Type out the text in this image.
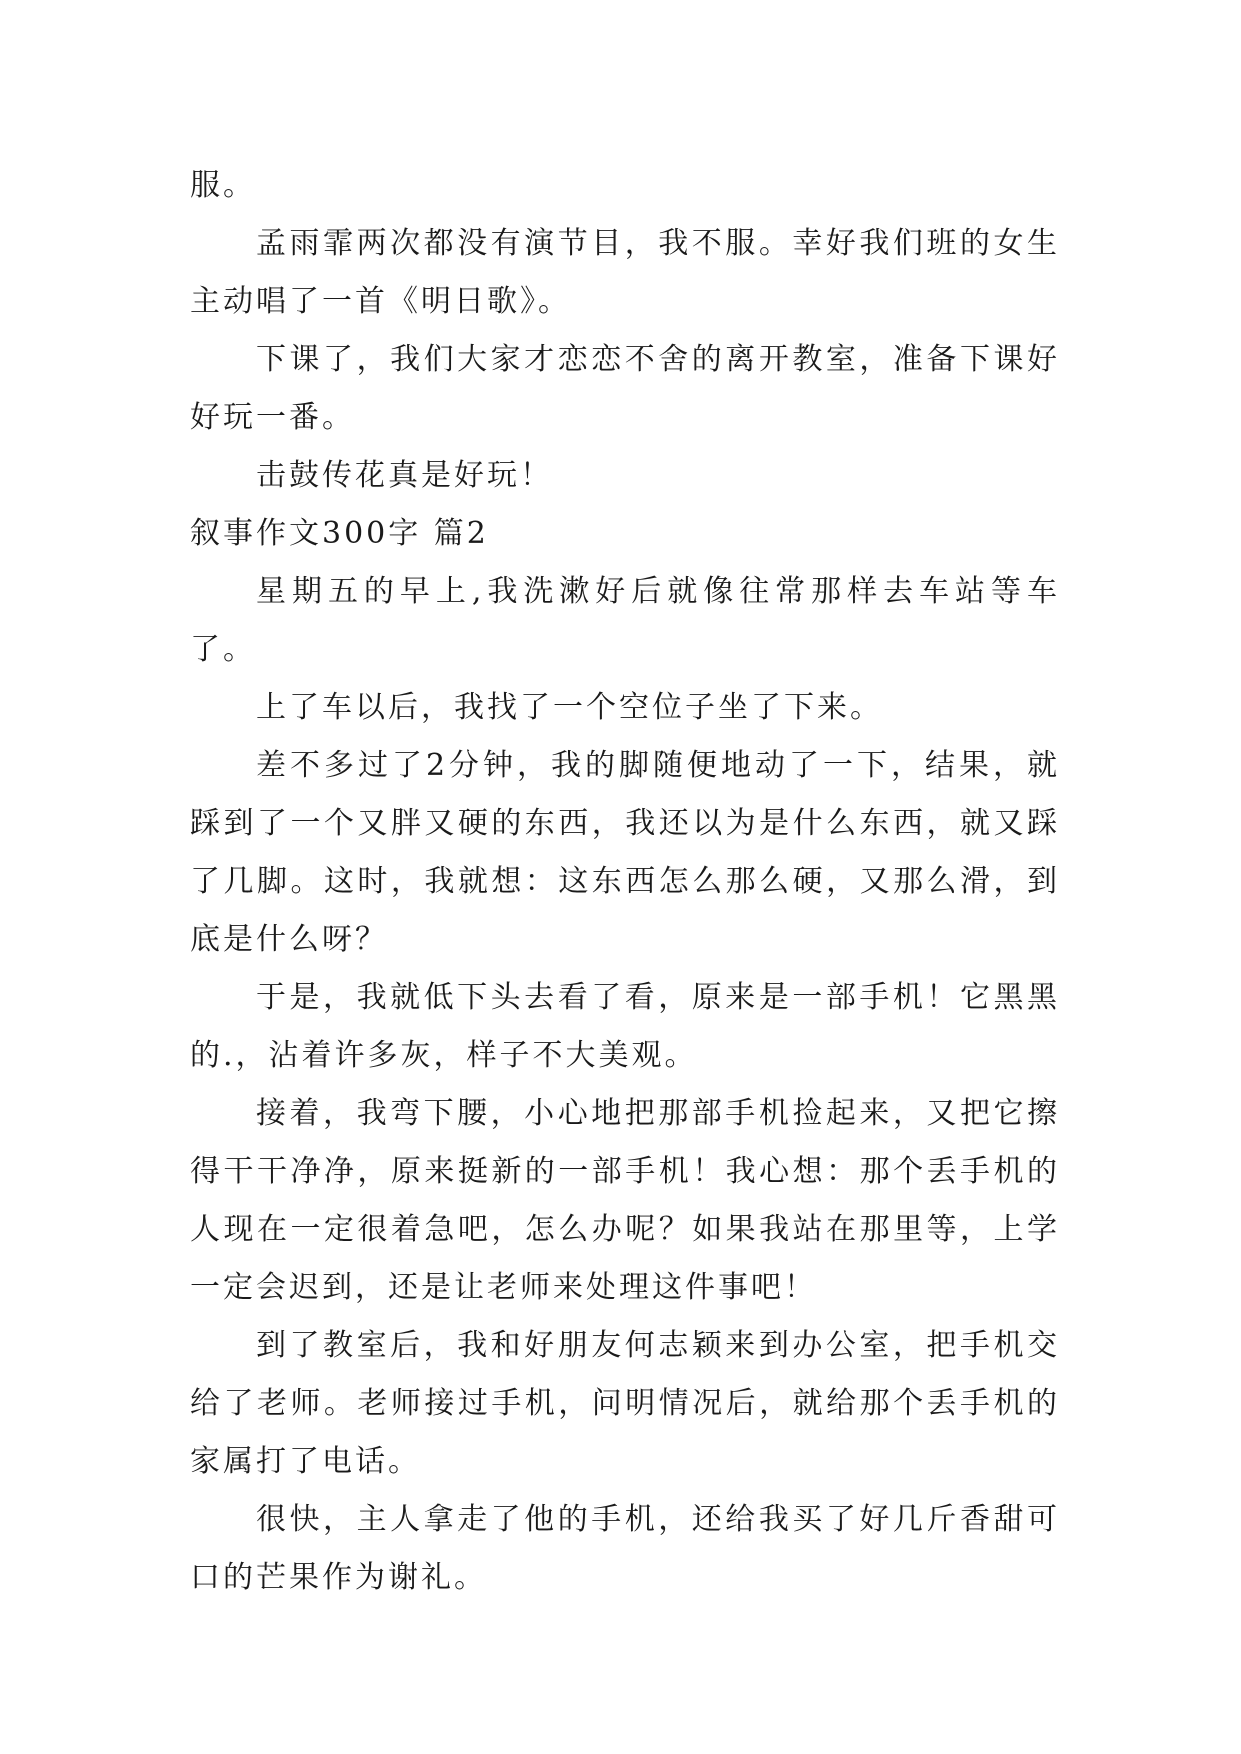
服。

孟雨霏两次都没有演节目，我不服。幸好我们班的女生主动唱了一首《明日歌》。

下课了，我们大家才恋恋不舍的离开教室，准备下课好好玩一番。

击鼓传花真是好玩！

叙事作文300字 篇2

星期五的早上,我洗漱好后就像往常那样去车站等车了。

上了车以后，我找了一个空位子坐了下来。

差不多过了2分钟，我的脚随便地动了一下，结果，就踩到了一个又胖又硬的东西，我还以为是什么东西，就又踩了几脚。这时，我就想：这东西怎么那么硬，又那么滑，到底是什么呀？

于是，我就低下头去看了看，原来是一部手机！它黑黑的.，沾着许多灰，样子不大美观。

接着，我弯下腰，小心地把那部手机捡起来，又把它擦得干干净净，原来挺新的一部手机！我心想：那个丢手机的人现在一定很着急吧，怎么办呢？如果我站在那里等，上学一定会迟到，还是让老师来处理这件事吧！

到了教室后，我和好朋友何志颖来到办公室，把手机交给了老师。老师接过手机，问明情况后，就给那个丢手机的家属打了电话。

很快，主人拿走了他的手机，还给我买了好几斤香甜可口的芒果作为谢礼。
